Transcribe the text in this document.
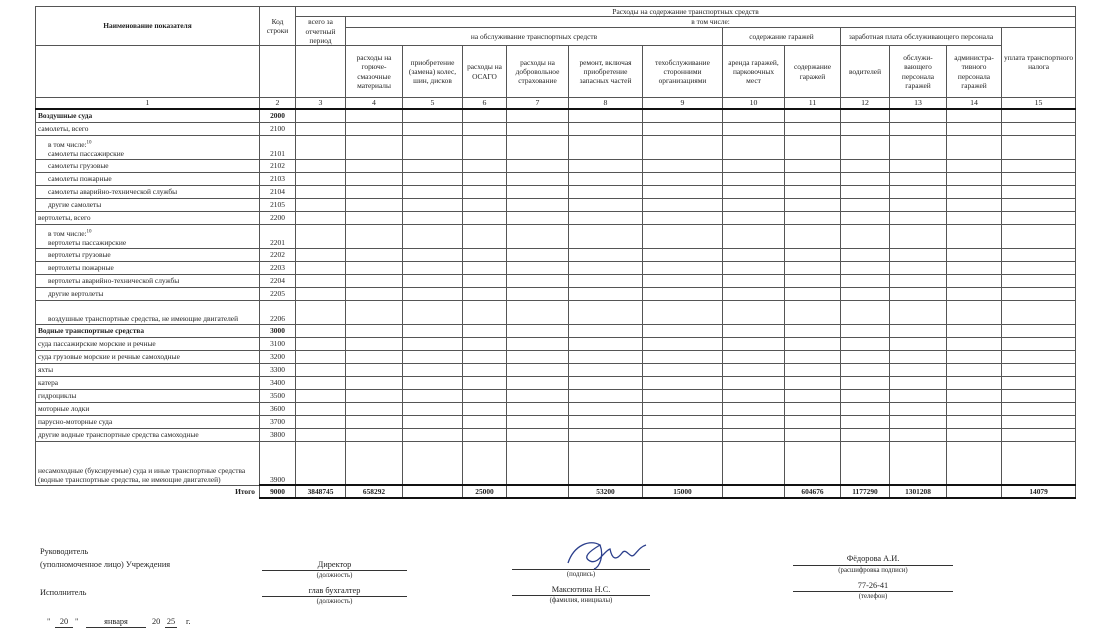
Наименование показателя	Код строки	Расходы на содержание транспортных средств												
		всего за отчетный период	в том числе:											
			на обслуживание транспортных средств						содержание гаражей		заработная плата обслуживающего персонала			уплата транспортного налога
			расходы на горюче-смазочные материалы	приобретение (замена) колес, шин, дисков	расходы на ОСАГО	расходы на добровольное страхование	ремонт, включая приобретение запасных частей	техобслуживание сторонними организациями	аренда гаражей, парковочных мест	содержание гаражей	водителей	обслужи-вающего персонала гаражей	администра-тивного персонала гаражей	
1	2	3	4	5	6	7	8	9	10	11	12	13	14	15

Воздушные суда	2000													

самолеты, всего	2100													

в том числе:$^{10}$
самолеты пассажирские	2101													

самолеты грузовые	2102													

самолеты пожарные	2103													

самолеты аварийно-технической службы	2104													

другие самолеты	2105													

вертолеты, всего	2200													

в том числе:$^{10}$
вертолеты пассажирские	2201													

вертолеты грузовые	2202													

вертолеты пожарные	2203													

вертолеты аварийно-технической службы	2204													

другие вертолеты	2205													

воздушные транспортные средства, не имеющие двигателей	2206													

Водные транспортные средства	3000													

суда пассажирские морские и речные	3100													

суда грузовые морские и речные самоходные	3200													

яхты	3300													

катера	3400													

гидроциклы	3500													

моторные лодки	3600													

парусно-моторные суда	3700													

другие водные транспортные средства самоходные	3800													

несамоходные (буксируемые) суда и иные транспортные средства (водные транспортные средства, не имеющие двигателей)	3900													
Итого	9000	3848745	658292		25000		53200	15000		604676	1177290	1301208		14079
Руководитель
(уполномоченное лицо) Учреждения	Директор
(должность)	(подпись)
Фёдорова А.И.
(расшифровка подписи)
Исполнитель	глав бухгалтер
(должность)
Максютина Н.С.
(фамилия, инициалы)
77-26-41
(телефон)
"	20 "	января	20 25 г.
